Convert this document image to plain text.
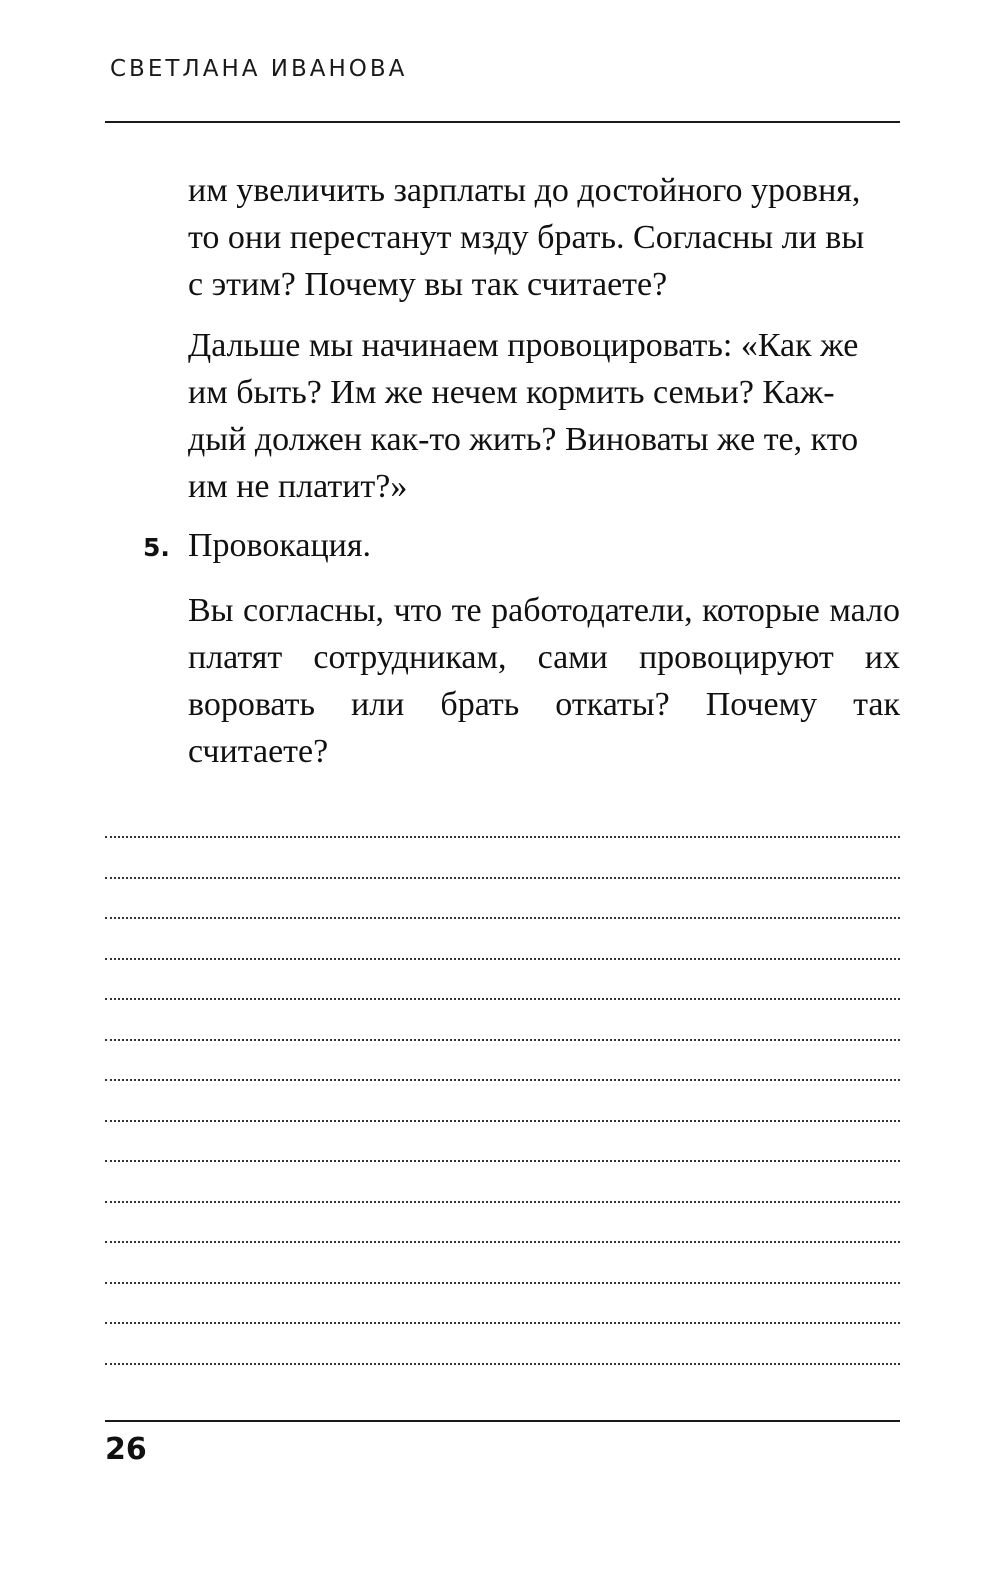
СВЕТЛАНА ИВАНОВА

им увеличить зарплаты до достойного уровня,
то они перестанут мзду брать. Согласны ли вы
с этим? Почему вы так считаете?

Дальше мы начинаем провоцировать: «Как же
им быть? Им же нечем кормить семьи? Каж-
дый должен как-то жить? Виноваты же те, кто
им не платит?»

5. Провокация.

Вы согласны, что те работодатели, которые мало платят сотрудникам, сами провоцируют их воровать или брать откаты? Почему так считаете?

26
